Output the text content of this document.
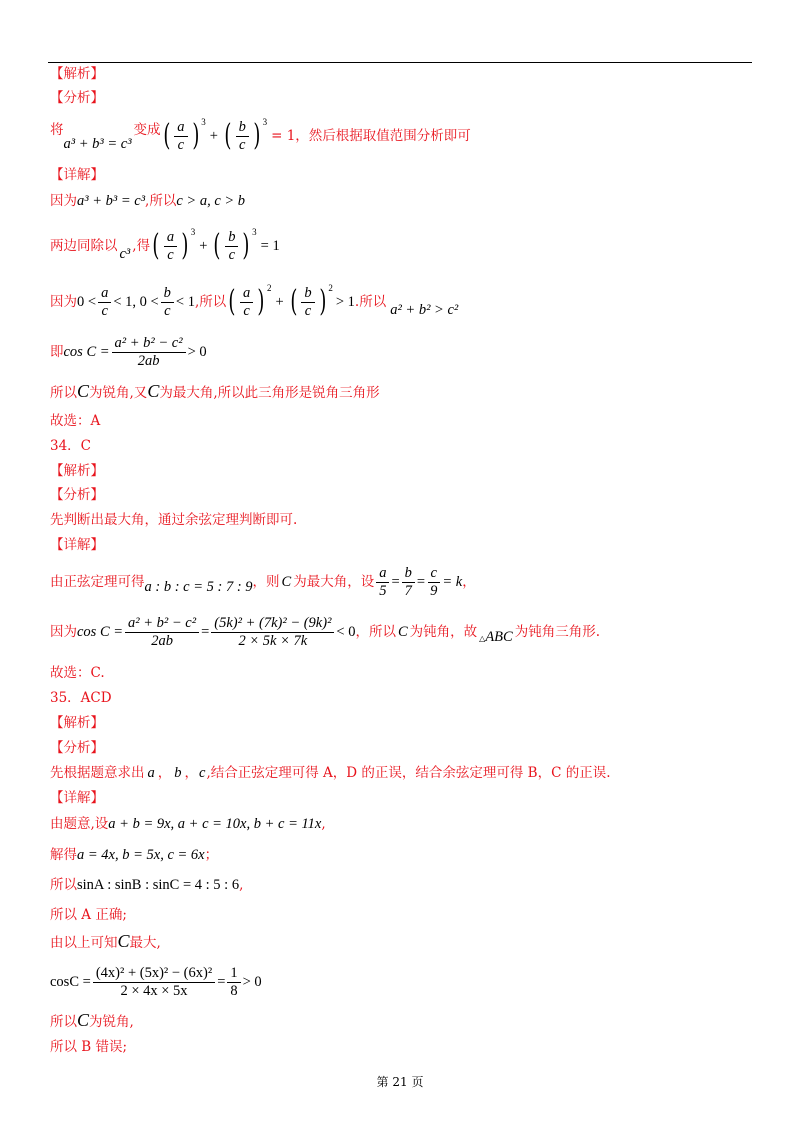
【解析】
【分析】
将
a³ + b³ = c³
变成 ( $\frac{a}{c}$ ) 3
+ ( $\frac{b}{c}$ ) 3
= 1，然后根据取值范围分析即可
【详解】
因为a³ + b³ = c³,所以c > a, c > b
两边同除以 c³ ,得 ( $\frac{a}{c}$ ) 3
+ ( $\frac{b}{c}$ ) 3
= 1
因为 $0 < \frac{a}{c} < 1$, $0 < \frac{b}{c} < 1$ ,所以 ( $\frac{a}{c}$ ) 2
+ ( $\frac{b}{c}$ ) 2
> 1 .所以 a² + b² > c²
即 $\cos C = \frac{\text{a² + b² − c²}}{2ab} > 0$
所以C为锐角,又C为最大角,所以此三角形是锐角三角形
故选：A
34．C
【解析】
【分析】
先判断出最大角，通过余弦定理判断即可.
【详解】
由正弦定理可得 a : b : c = 5 : 7 : 9 ，则 C 为最大角，设 $\frac{a}{5} = \frac{b}{7} = \frac{c}{9} = k$ ，
因为 $\cos C = \frac{\text{a² + b² − c²}}{2ab} = \frac{\text{(5k)² + (7k)² − (9k)²}}{2 \times 5k \times 7k} < 0$ ，所以 C 为钝角，故 △ABC 为钝角三角形.
故选：C.
35．ACD
【解析】
【分析】
先根据题意求出 a ， b ，c,结合正弦定理可得 A，D 的正误，结合余弦定理可得 B，C 的正误.
【详解】
由题意,设a + b = 9x, a + c = 10x, b + c = 11x,
解得a = 4x, b = 5x, c = 6x；
所以sinA : sinB : sinC = 4 : 5 : 6,
所以 A 正确;
由以上可知C最大,
$\cos C = \frac{\text{(4x)² + (5x)² − (6x)²}}{2 \times 4x \times 5x} = \frac{1}{8} > 0$
所以C为锐角,
所以 B 错误;
第 21 页
